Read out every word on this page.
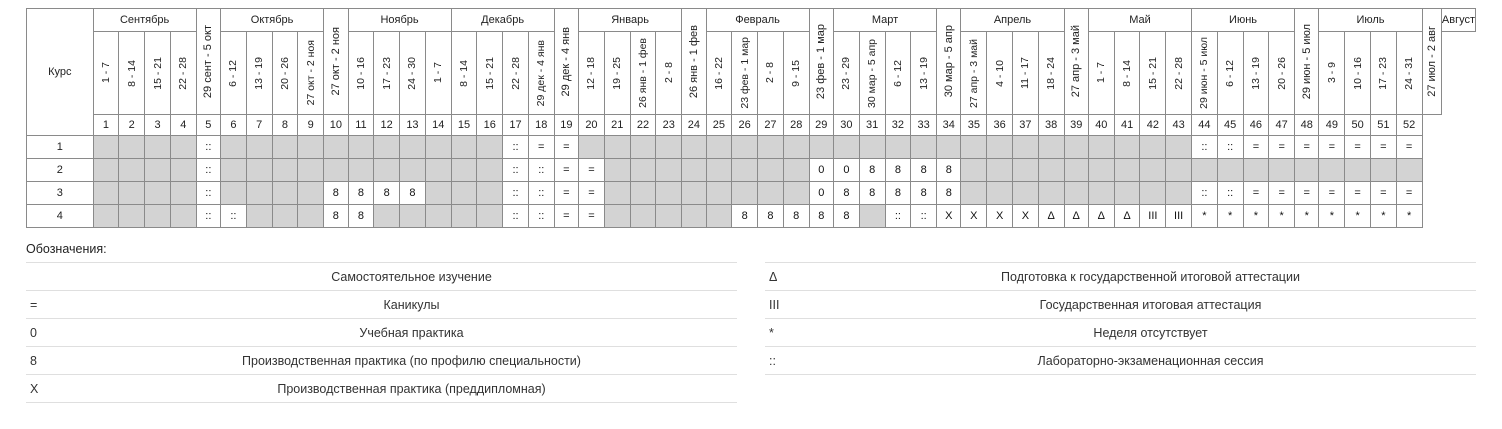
Курс	Сентябрь				29 сент - 5 окт	Октябрь				27 окт - 2 ноя	Ноябрь				Декабрь				29 дек - 4 янв	Январь				26 янв - 1 фев	Февраль				23 фев - 1 мар	Март				30 мар - 5 апр	Апрель				27 апр - 3 май	Май				Июнь				29 июн - 5 июл	Июль				27 июл - 2 авг	Август

	1 - 7	8 - 14	15 - 21	22 - 28		6 - 12	13 - 19	20 - 26	27 окт - 2 ноя		10 - 16	17 - 23	24 - 30	1 - 7	8 - 14	15 - 21	22 - 28	29 дек - 4 янв		12 - 18	19 - 25	26 янв - 1 фев	2 - 8		16 - 22	23 фев - 1 мар	2 - 8	9 - 15		23 - 29	30 мар - 5 апр	6 - 12	13 - 19		27 апр - 3 май	4 - 10	11 - 17	18 - 24		1 - 7	8 - 14	15 - 21	22 - 28	29 июн - 5 июл	6 - 12	13 - 19	20 - 26		3 - 9	10 - 16	17 - 23	24 - 31		

	1	2	3	4	5	6	7	8	9	10	11	12	13	14	15	16	17	18	19	20	21	22	23	24	25	26	27	28	29	30	31	32	33	34	35	36	37	38	39	40	41	42	43	44	45	46	47	48	49	50	51	52		
1					::												::	=	=																									::	::	=	=	=	=	=	=	=		
2					::												::	::	=	=									0	0	8	8	8	8																				
3					::					8	8	8	8				::	::	=	=									0	8	8	8	8	8										::	::	=	=	=	=	=	=	=		
4					::	::				8	8						::	::	=	=						8	8	8	8	8		::	::	X	X	X	X	Δ	Δ	Δ	Δ	III	III	*	*	*	*	*	*	*	*	*		
Обозначения:
	Самостоятельное изучение
=	Каникулы
0	Учебная практика
8	Производственная практика (по профилю специальности)
X	Производственная практика (преддипломная)
Δ	Подготовка к государственной итоговой аттестации
III	Государственная итоговая аттестация
*	Неделя отсутствует
::	Лабораторно-экзаменационная сессия
